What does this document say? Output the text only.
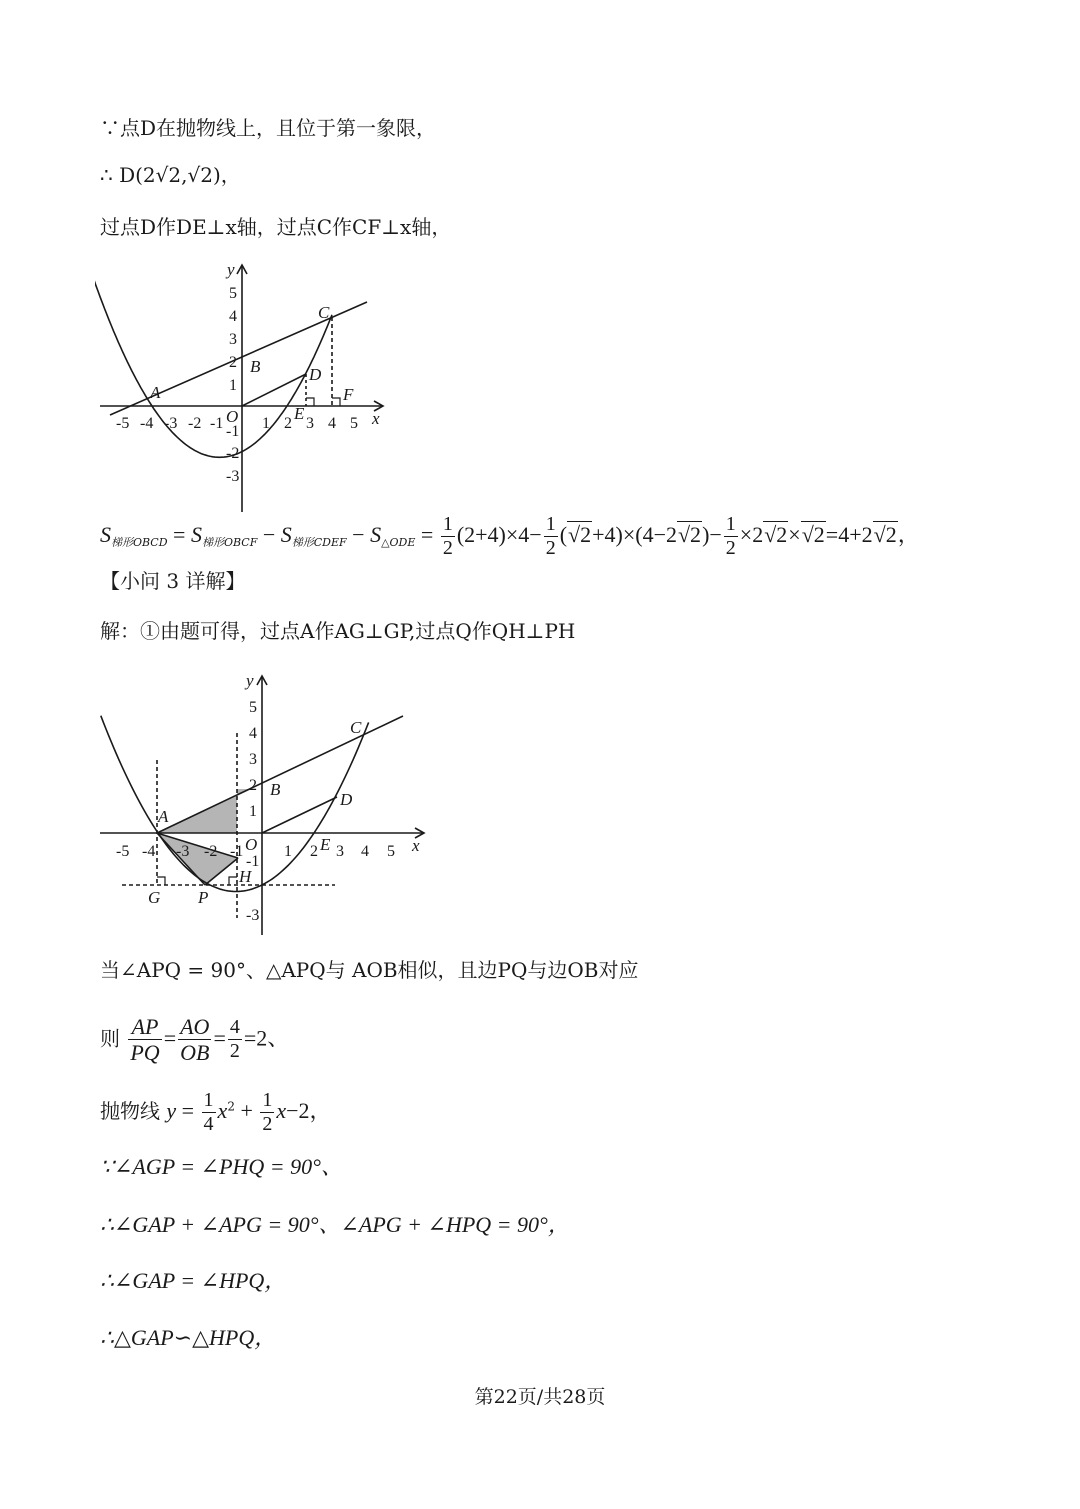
∵点D在抛物线上，且位于第一象限，
∴ D(2√2,√2)，
过点D作DE⊥x轴，过点C作CF⊥x轴，
-5 -4 -3 -2 -1 1 2 3 4 5
5
4
3
2
1
-1
-2
-3
y
x
O
A
B
C
D
E
F
$S_{梯形OBCD} = S_{梯形OBCF} - S_{梯形CDEF} - S_{\triangle ODE} = \frac{1}{2} (2+4)\times 4- \frac{1}{2} (√2+4)\times(4-2√2)- \frac{1}{2} \times 2√2\times√2=4+2√2$，
【小问 3 详解】
解：①由题可得，过点A作AG⊥GP,过点Q作QH⊥PH
-5 -4 -3 -2 -1	1 2 3 4 5
5
4
3
2
1
-1
-3
y
x
O
A
B
C
D
E
G P
H
当∠APQ = 90°、△APQ与 AOB相似，且边PQ与边OB对应
则 $\frac{AP}{PQ} = \frac{AO}{OB} = \frac{4}{2} =2$、
抛物线 $y = \frac{1}{4} x^2 + \frac{1}{2} x-2$，
∵∠AGP = ∠PHQ = 90°、
∴∠GAP + ∠APG = 90°、∠APG + ∠HPQ = 90°，
∴∠GAP = ∠HPQ，
∴△GAP∽△HPQ，
第22页/共28页
